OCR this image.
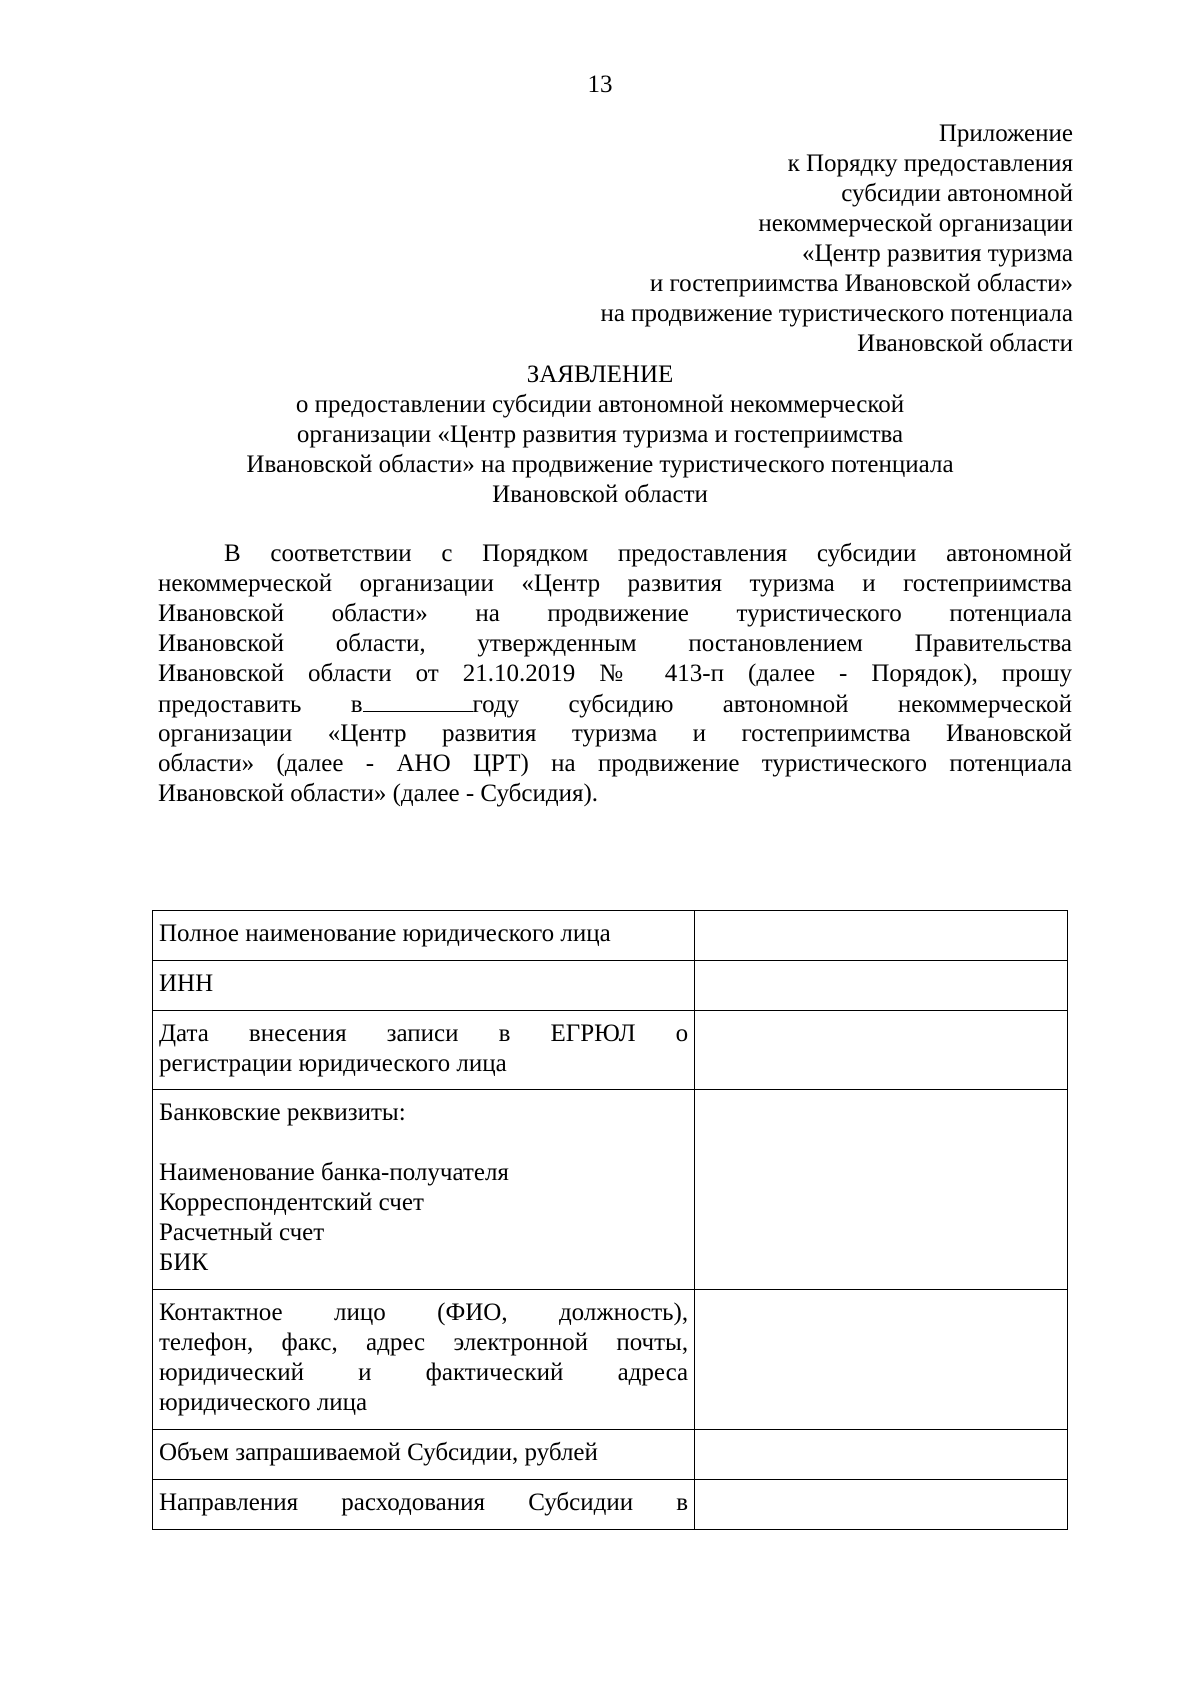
13
Приложение
к Порядку предоставления
субсидии автономной
некоммерческой организации
«Центр развития туризма
и гостеприимства Ивановской области»
на продвижение туристического потенциала
Ивановской области
ЗАЯВЛЕНИЕ
о предоставлении субсидии автономной некоммерческой
организации «Центр развития туризма и гостеприимства
Ивановской области» на продвижение туристического потенциала
Ивановской области
В соответствии с Порядком предоставления субсидии автономной
некоммерческой организации «Центр развития туризма и гостеприимства
Ивановской области» на продвижение туристического потенциала
Ивановской области, утвержденным постановлением Правительства
Ивановской области от 21.10.2019 № 413-п (далее - Порядок), прошу
предоставить в	году субсидию автономной некоммерческой
организации «Центр развития туризма и гостеприимства Ивановской
области» (далее - АНО ЦРТ) на продвижение туристического потенциала
Ивановской области» (далее - Субсидия).
Полное наименование юридического лица	

ИНН	

Дата внесения записи в ЕГРЮЛ о
регистрации юридического лица	

Банковские реквизиты:
Наименование банка-получателя
Корреспондентский счет
Расчетный счет
БИК	

Контактное лицо (ФИО, должность),
телефон, факс, адрес электронной почты,
юридический и фактический адреса
юридического лица	

Объем запрашиваемой Субсидии, рублей	

Направления расходования Субсидии в	
